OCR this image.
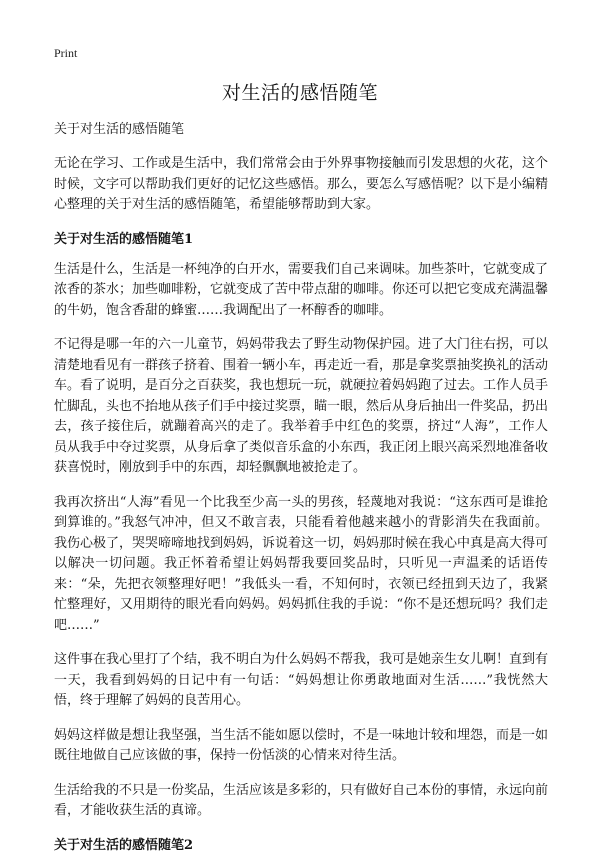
Print
对生活的感悟随笔

关于对生活的感悟随笔

无论在学习、工作或是生活中，我们常常会由于外界事物接触而引发思想的火花，这个时候，文字可以帮助我们更好的记忆这些感悟。那么，要怎么写感悟呢？以下是小编精心整理的关于对生活的感悟随笔，希望能够帮助到大家。

关于对生活的感悟随笔1

生活是什么，生活是一杯纯净的白开水，需要我们自己来调味。加些茶叶，它就变成了浓香的茶水；加些咖啡粉，它就变成了苦中带点甜的咖啡。你还可以把它变成充满温馨的牛奶，饱含香甜的蜂蜜……我调配出了一杯醇香的咖啡。

不记得是哪一年的六一儿童节，妈妈带我去了野生动物保护园。进了大门往右拐，可以清楚地看见有一群孩子挤着、围着一辆小车，再走近一看，那是拿奖票抽奖换礼的活动车。看了说明，是百分之百获奖，我也想玩一玩，就硬拉着妈妈跑了过去。工作人员手忙脚乱，头也不抬地从孩子们手中接过奖票，瞄一眼，然后从身后抽出一件奖品，扔出去，孩子接住后，就蹦着高兴的走了。我举着手中红色的奖票，挤过“人海”，工作人员从我手中夺过奖票，从身后拿了类似音乐盒的小东西，我正闭上眼兴高采烈地准备收获喜悦时，刚放到手中的东西，却轻飘飘地被抢走了。

我再次挤出“人海”看见一个比我至少高一头的男孩，轻蔑地对我说：“这东西可是谁抢到算谁的。”我怒气冲冲，但又不敢言表，只能看着他越来越小的背影消失在我面前。我伤心极了，哭哭啼啼地找到妈妈，诉说着这一切，妈妈那时候在我心中真是高大得可以解决一切问题。我正怀着希望让妈妈帮我要回奖品时，只听见一声温柔的话语传来：“朵，先把衣领整理好吧！”我低头一看，不知何时，衣领已经扭到天边了，我紧忙整理好，又用期待的眼光看向妈妈。妈妈抓住我的手说：“你不是还想玩吗？我们走吧……”

这件事在我心里打了个结，我不明白为什么妈妈不帮我，我可是她亲生女儿啊！直到有一天，我看到妈妈的日记中有一句话：“妈妈想让你勇敢地面对生活……”我恍然大悟，终于理解了妈妈的良苦用心。

妈妈这样做是想让我坚强，当生活不能如愿以偿时，不是一味地计较和埋怨，而是一如既往地做自己应该做的事，保持一份恬淡的心情来对待生活。

生活给我的不只是一份奖品，生活应该是多彩的，只有做好自己本份的事情，永远向前看，才能收获生活的真谛。

关于对生活的感悟随笔2
